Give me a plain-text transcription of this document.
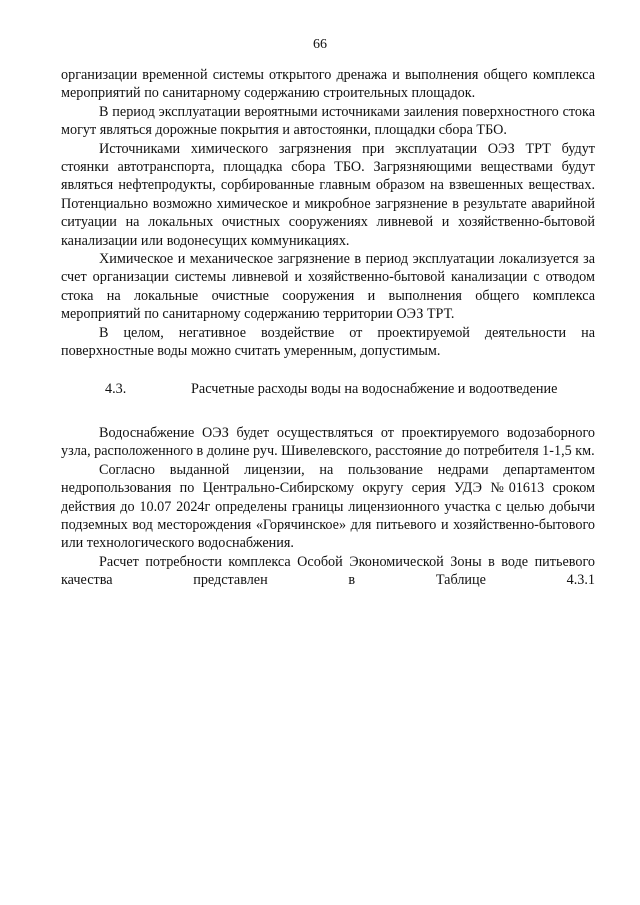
66

организации временной системы открытого дренажа и выполнения общего комплекса мероприятий по санитарному содержанию строительных площадок.

В период эксплуатации вероятными источниками заиления поверхностного стока могут являться дорожные покрытия и автостоянки, площадки сбора ТБО.

Источниками химического загрязнения при эксплуатации ОЭЗ ТРТ будут стоянки автотранспорта, площадка сбора ТБО. Загрязняющими веществами будут являться нефтепродукты, сорбированные главным образом на взвешенных веществах. Потенциально возможно химическое и микробное загрязнение в результате аварийной ситуации на локальных очистных сооружениях ливневой и хозяйственно-бытовой канализации или водонесущих коммуникациях.

Химическое и механическое загрязнение в период эксплуатации локализуется за счет организации системы ливневой и хозяйственно-бытовой канализации с отводом стока на локальные очистные сооружения и выполнения общего комплекса мероприятий по санитарному содержанию территории ОЭЗ ТРТ.

В целом, негативное воздействие от проектируемой деятельности на поверхностные воды можно считать умеренным, допустимым.

4.3.	Расчетные расходы воды на водоснабжение и водоотведение

Водоснабжение ОЭЗ будет осуществляться от проектируемого водозаборного узла, расположенного в долине руч. Шивелевского, расстояние до потребителя 1-1,5 км.

Согласно выданной лицензии, на пользование недрами департаментом недропользования по Центрально-Сибирскому округу серия УДЭ №01613 сроком действия до 10.07 2024г определены границы лицензионного участка с целью добычи подземных вод месторождения «Горячинское» для питьевого и хозяйственно-бытового или технологического водоснабжения.

Расчет потребности комплекса Особой Экономической Зоны в воде питьевого качества представлен в Таблице 4.3.1
